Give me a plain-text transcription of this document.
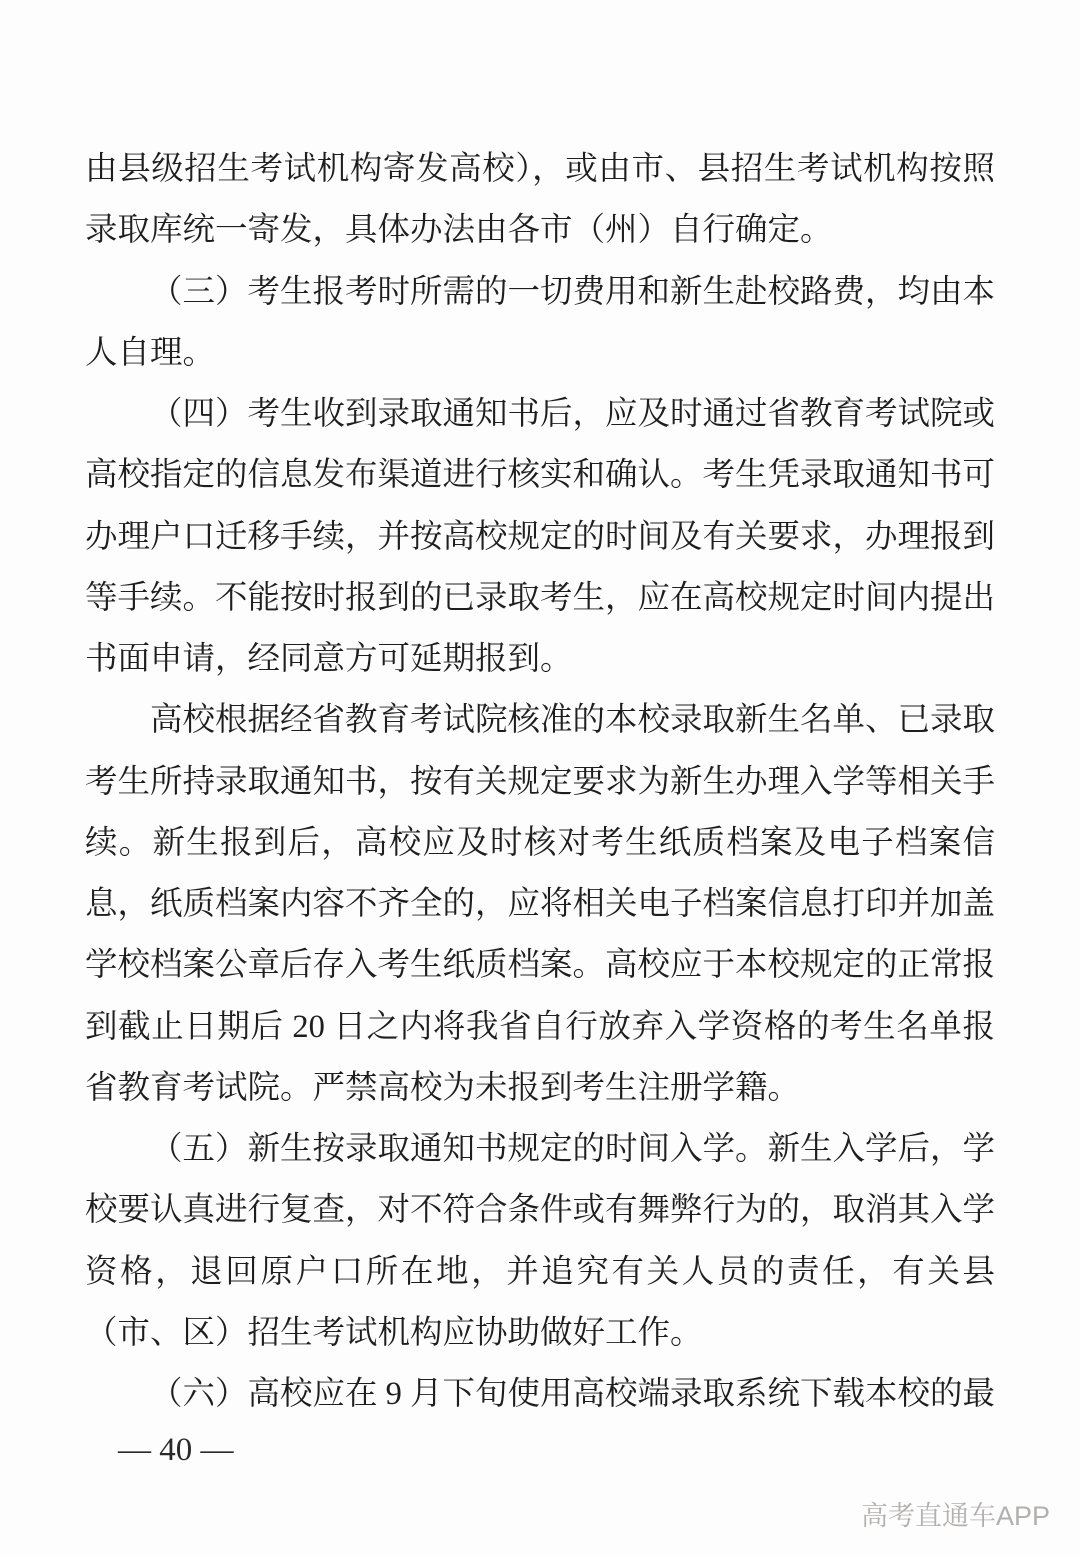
由县级招生考试机构寄发高校），或由市、县招生考试机构按照录取库统一寄发，具体办法由各市（州）自行确定。

（三）考生报考时所需的一切费用和新生赴校路费，均由本人自理。

（四）考生收到录取通知书后，应及时通过省教育考试院或高校指定的信息发布渠道进行核实和确认。考生凭录取通知书可办理户口迁移手续，并按高校规定的时间及有关要求，办理报到等手续。不能按时报到的已录取考生，应在高校规定时间内提出书面申请，经同意方可延期报到。

高校根据经省教育考试院核准的本校录取新生名单、已录取考生所持录取通知书，按有关规定要求为新生办理入学等相关手续。新生报到后，高校应及时核对考生纸质档案及电子档案信息，纸质档案内容不齐全的，应将相关电子档案信息打印并加盖学校档案公章后存入考生纸质档案。高校应于本校规定的正常报到截止日期后 20 日之内将我省自行放弃入学资格的考生名单报省教育考试院。严禁高校为未报到考生注册学籍。

（五）新生按录取通知书规定的时间入学。新生入学后，学校要认真进行复查，对不符合条件或有舞弊行为的，取消其入学资格，退回原户口所在地，并追究有关人员的责任，有关县（市、区）招生考试机构应协助做好工作。

（六）高校应在 9 月下旬使用高校端录取系统下载本校的最

— 40 —
高考直通车APP
